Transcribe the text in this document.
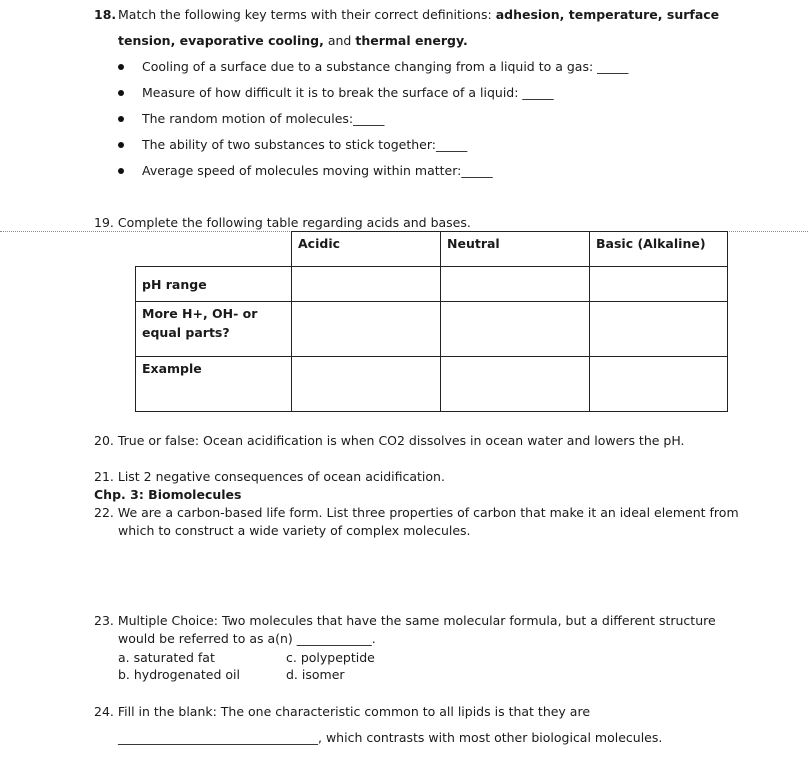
18. Match the following key terms with their correct definitions: adhesion, temperature, surface
tension, evaporative cooling, and thermal energy.
Cooling of a surface due to a substance changing from a liquid to a gas: _____
Measure of how difficult it is to break the surface of a liquid: _____
The random motion of molecules:_____
The ability of two substances to stick together:_____
Average speed of molecules moving within matter:_____
19. Complete the following table regarding acids and bases.
	Acidic	Neutral	Basic (Alkaline)
pH range			
More H+, OH- or equal parts?			
Example			
20. True or false: Ocean acidification is when CO2 dissolves in ocean water and lowers the pH.
21. List 2 negative consequences of ocean acidification.
Chp. 3: Biomolecules
22. We are a carbon-based life form. List three properties of carbon that make it an ideal element from
which to construct a wide variety of complex molecules.
23. Multiple Choice: Two molecules that have the same molecular formula, but a different structure
would be referred to as a(n) ____________.
a. saturated fat
b. hydrogenated oil
c. polypeptide
d. isomer
24. Fill in the blank: The one characteristic common to all lipids is that they are
________________________________, which contrasts with most other biological molecules.
